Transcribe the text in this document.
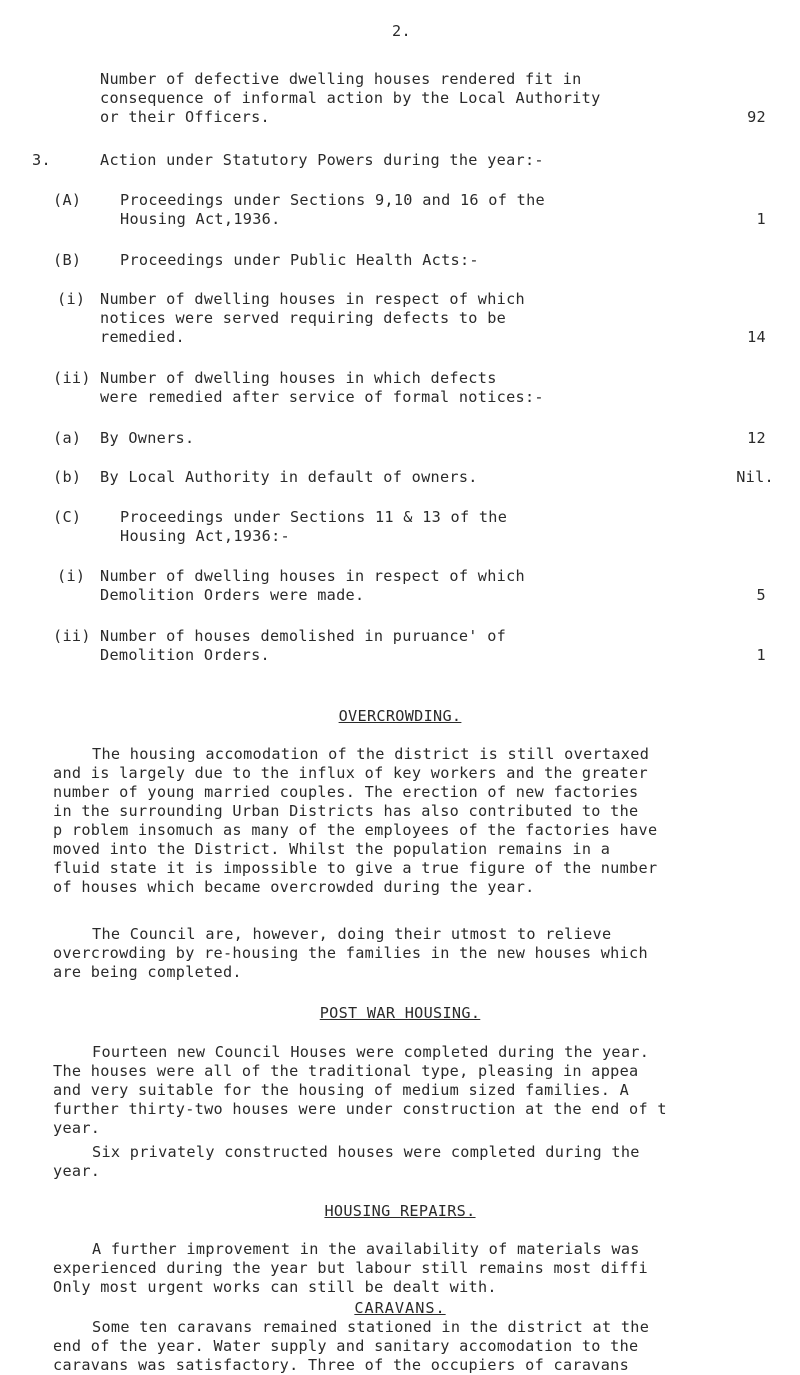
2.
Number of defective dwelling houses rendered fit in
consequence of informal action by the Local Authority
or their Officers.	92
3.	Action under Statutory Powers during the year:-
(A)	Proceedings under Sections 9,10 and 16 of the
Housing Act,1936.	1
(B)	Proceedings under Public Health Acts:-
(i) Number of dwelling houses in respect of which
notices were served requiring defects to be
remedied.	14
(ii) Number of dwelling houses in which defects
were remedied after service of formal notices:-
(a) By Owners.	12
(b) By Local Authority in default of owners.	Nil.
(C)	Proceedings under Sections 11 & 13 of the
Housing Act,1936:-
(i) Number of dwelling houses in respect of which
Demolition Orders were made.	5
(ii) Number of houses demolished in puruance' of
Demolition Orders.	1
OVERCROWDING.
The housing accomodation of the district is still overtaxed
and is largely due to the influx of key workers and the greater
number of young married couples. The erection of new factories
in the surrounding Urban Districts has also contributed to the
p roblem insomuch as many of the employees of the factories have
moved into the District. Whilst the population remains in a
fluid state it is impossible to give a true figure of the number
of houses which became overcrowded during the year.
The Council are, however, doing their utmost to relieve
overcrowding by re-housing the families in the new houses which
are being completed.
POST WAR HOUSING.
Fourteen new Council Houses were completed during the year.
The houses were all of the traditional type, pleasing in appea
and very suitable for the housing of medium sized families. A
further thirty-two houses were under construction at the end of t
year.
Six privately constructed houses were completed during the
year.
HOUSING REPAIRS.
A further improvement in the availability of materials was
experienced during the year but labour still remains most diffi
Only most urgent works can still be dealt with.
CARAVANS.
Some ten caravans remained stationed in the district at the
end of the year. Water supply and sanitary accomodation to the
caravans was satisfactory. Three of the occupiers of caravans
